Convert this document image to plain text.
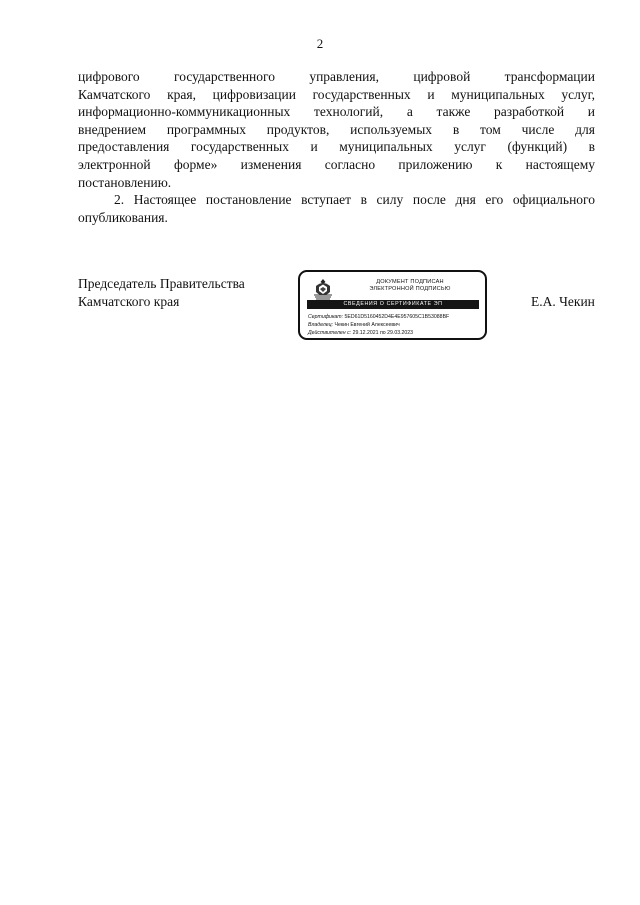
2
цифрового государственного управления, цифровой трансформации
Камчатского края, цифровизации государственных и муниципальных услуг,
информационно-коммуникационных технологий, а также разработкой и
внедрением программных продуктов, используемых в том числе для
предоставления государственных и муниципальных услуг (функций) в
электронной форме» изменения согласно приложению к настоящему
постановлению.
2. Настоящее постановление вступает в силу после дня его официального
опубликования.
Председатель Правительства
Камчатского края	Е.А. Чекин
ДОКУМЕНТ ПОДПИСАН
ЭЛЕКТРОННОЙ ПОДПИСЬЮ
СВЕДЕНИЯ О СЕРТИФИКАТЕ ЭП
Сертификат: 5ED61D5160452D4E4E957605C1B53088BF
Владелец: Чекин Евгений Алексеевич
Действителен с: 29.12.2021 по 29.03.2023
